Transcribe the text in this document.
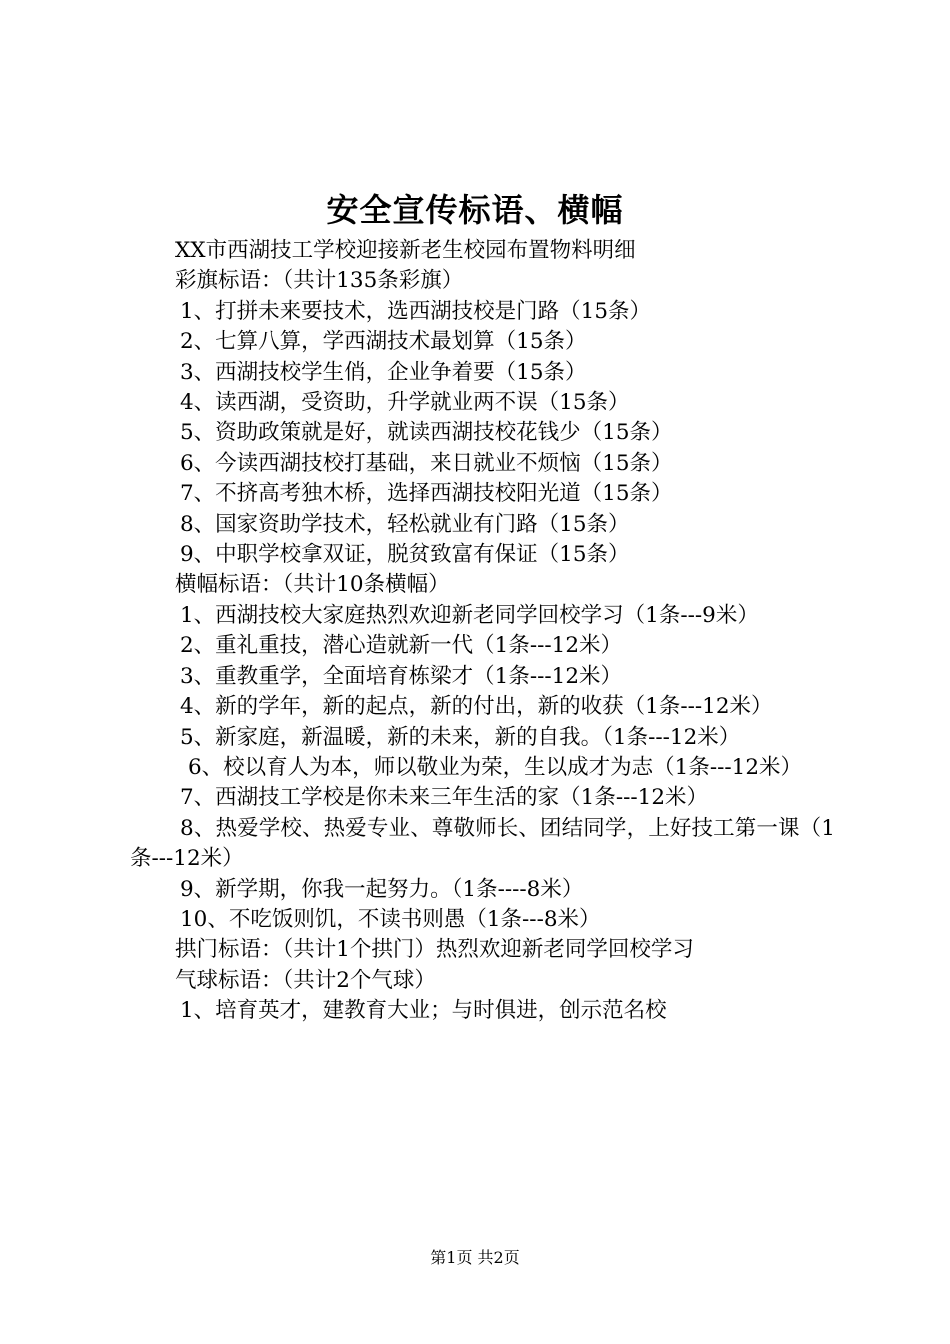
安全宣传标语、横幅

XX市西湖技工学校迎接新老生校园布置物料明细

彩旗标语：（共计135条彩旗）

1、打拼未来要技术，选西湖技校是门路（15条）

2、七算八算，学西湖技术最划算（15条）

3、西湖技校学生俏，企业争着要（15条）

4、读西湖，受资助，升学就业两不误（15条）

5、资助政策就是好，就读西湖技校花钱少（15条）

6、今读西湖技校打基础，来日就业不烦恼（15条）

7、不挤高考独木桥，选择西湖技校阳光道（15条）

8、国家资助学技术，轻松就业有门路（15条）

9、中职学校拿双证，脱贫致富有保证（15条）

横幅标语：（共计10条横幅）

1、西湖技校大家庭热烈欢迎新老同学回校学习（1条---9米）

2、重礼重技，潜心造就新一代（1条---12米）

3、重教重学，全面培育栋梁才（1条---12米）

4、新的学年，新的起点，新的付出，新的收获（1条---12米）

5、新家庭，新温暖，新的未来，新的自我。（1条---12米）

6、校以育人为本，师以敬业为荣，生以成才为志（1条---12米）

7、西湖技工学校是你未来三年生活的家（1条---12米）

8、热爱学校、热爱专业、尊敬师长、团结同学，上好技工第一课（1条---12米）

9、新学期，你我一起努力。（1条----8米）

10、不吃饭则饥，不读书则愚（1条---8米）

拱门标语：（共计1个拱门）热烈欢迎新老同学回校学习

气球标语：（共计2个气球）

1、培育英才，建教育大业；与时俱进，创示范名校

第1页 共2页
